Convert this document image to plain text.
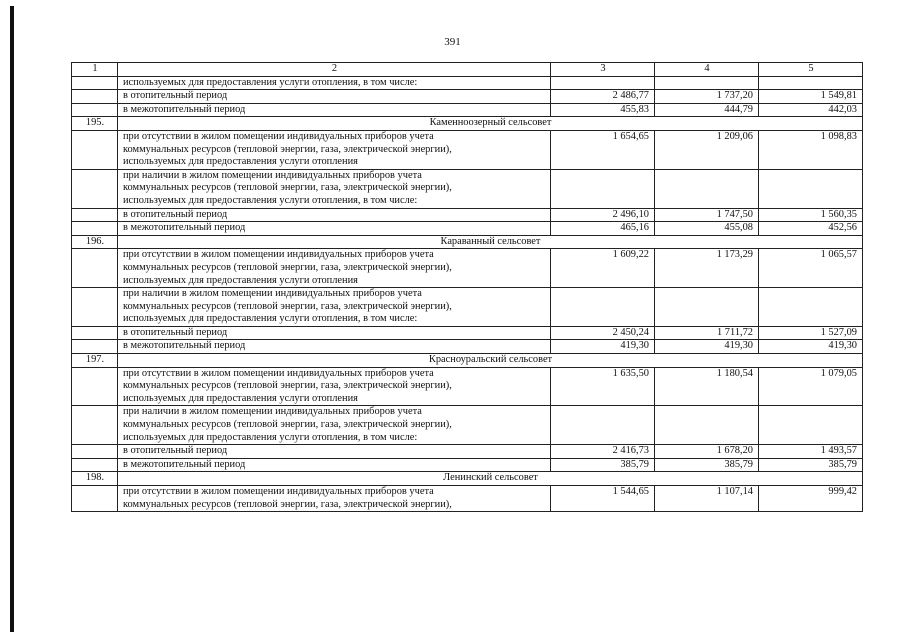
391
1	2	3	4	5

	используемых для предоставления услуги отопления, в том числе:			

	в отопительный период	2 486,77	1 737,20	1 549,81
	в межотопительный период	455,83	444,79	442,03
195.	Каменноозерный сельсовет			

	при отсутствии в жилом помещении индивидуальных приборов учета
коммунальных ресурсов (тепловой энергии, газа, электрической энергии),
используемых для предоставления услуги отопления	1 654,65	1 209,06	1 098,83

	при наличии в жилом помещении индивидуальных приборов учета
коммунальных ресурсов (тепловой энергии, газа, электрической энергии),
используемых для предоставления услуги отопления, в том числе:			

	в отопительный период	2 496,10	1 747,50	1 560,35
	в межотопительный период	465,16	455,08	452,56
196.	Караванный сельсовет			

	при отсутствии в жилом помещении индивидуальных приборов учета
коммунальных ресурсов (тепловой энергии, газа, электрической энергии),
используемых для предоставления услуги отопления	1 609,22	1 173,29	1 065,57

	при наличии в жилом помещении индивидуальных приборов учета
коммунальных ресурсов (тепловой энергии, газа, электрической энергии),
используемых для предоставления услуги отопления, в том числе:			

	в отопительный период	2 450,24	1 711,72	1 527,09
	в межотопительный период	419,30	419,30	419,30
197.	Красноуральский сельсовет			

	при отсутствии в жилом помещении индивидуальных приборов учета
коммунальных ресурсов (тепловой энергии, газа, электрической энергии),
используемых для предоставления услуги отопления	1 635,50	1 180,54	1 079,05

	при наличии в жилом помещении индивидуальных приборов учета
коммунальных ресурсов (тепловой энергии, газа, электрической энергии),
используемых для предоставления услуги отопления, в том числе:			

	в отопительный период	2 416,73	1 678,20	1 493,57
	в межотопительный период	385,79	385,79	385,79
198.	Ленинский сельсовет			

	при отсутствии в жилом помещении индивидуальных приборов учета
коммунальных ресурсов (тепловой энергии, газа, электрической энергии),	1 544,65	1 107,14	999,42
